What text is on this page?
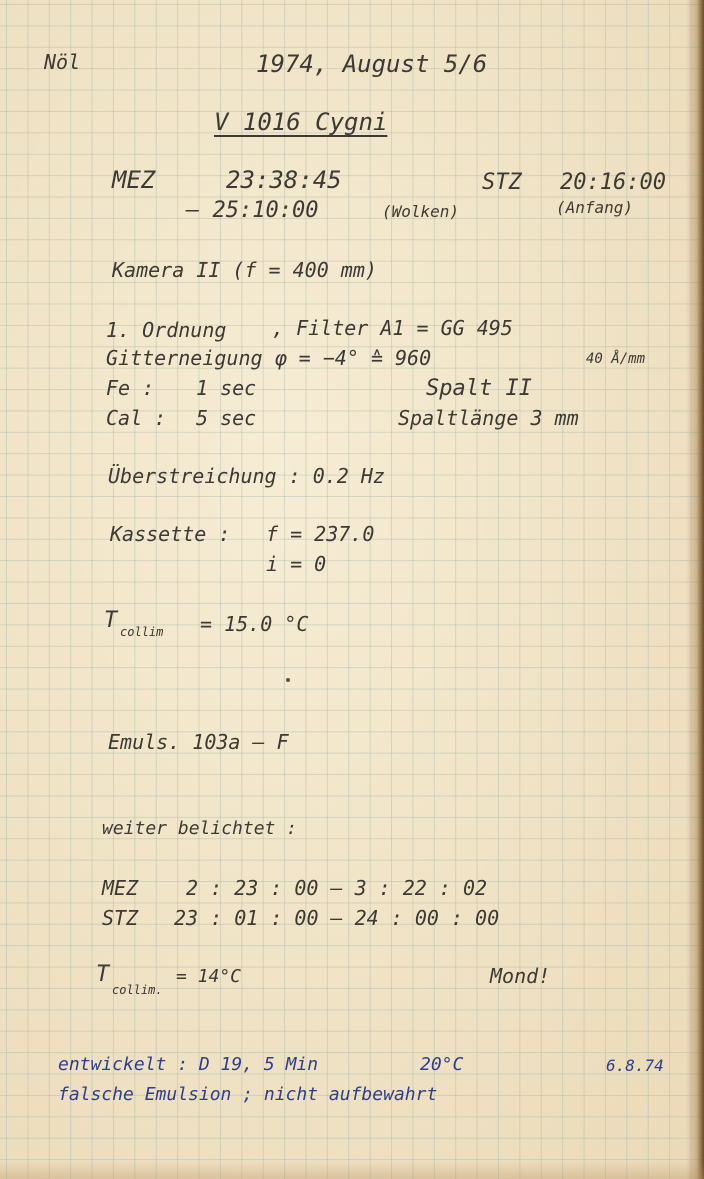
Nöl	1974, August 5/6
V 1016 Cygni
MEZ	23:38:45	STZ 20:16:00
– 25:10:00	(Wolken)	(Anfang)
Kamera II (f = 400 mm)
1. Ordnung , Filter A1 = GG 495
Gitterneigung φ = −4° ≙ 960	40 Å/mm
Fe : 1 sec	Spalt II
Cal : 5 sec	Spaltlänge 3 mm
Überstreichung : 0.2 Hz
Kassette : f = 237.0
i = 0
T collim = 15.0 °C
Emuls. 103a – F
weiter belichtet :
MEZ 2 : 23 : 00 – 3 : 22 : 02
STZ 23 : 01 : 00 – 24 : 00 : 00
T
collim.
= 14°C	Mond!
entwickelt : D 19, 5 Min	20°C	6.8.74
falsche Emulsion ; nicht aufbewahrt
